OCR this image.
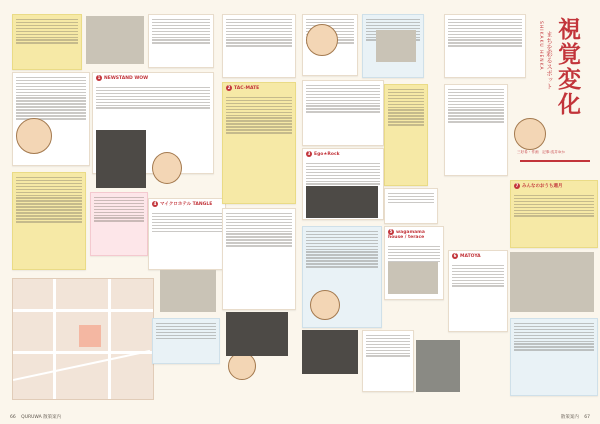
1 NEWSTAND WOW
4 マイクロホテル TANGLE
2 TAC-MATE
66 QURUWA 散策案内
3 Ego★Rock
5 wagamama house / terace
視覚変化
まちを彩るスポット
SHIKAKU HENKA
三好希・作画　記事:浅井ゆか
7 みんなのおうち週月
6 MATOYA
散策案内 67
